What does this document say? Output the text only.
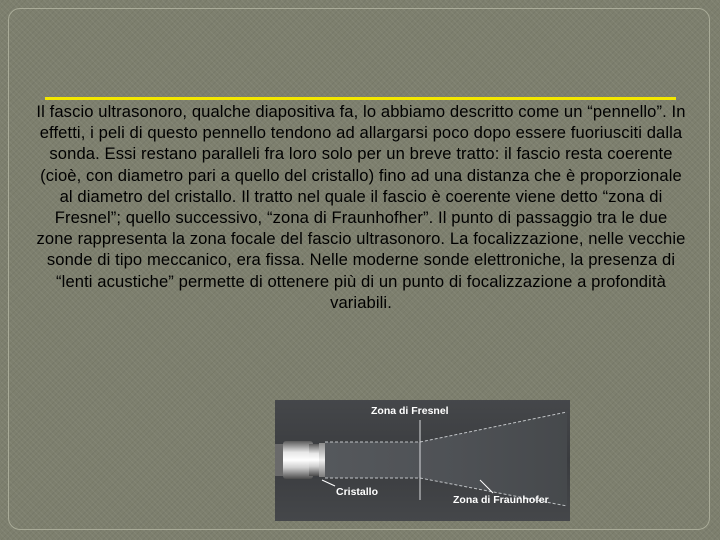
Il fascio ultrasonoro, qualche diapositiva fa, lo abbiamo descritto come un “pennello”. In effetti, i peli di questo pennello tendono ad allargarsi poco dopo essere fuoriusciti dalla sonda. Essi restano paralleli fra loro solo per un breve tratto: il fascio resta coerente (cioè, con diametro pari a quello del cristallo) fino ad una distanza che è proporzionale al diametro del cristallo. Il tratto nel quale il fascio è coerente viene detto “zona di Fresnel”; quello successivo, “zona di Fraunhofher”. Il punto di passaggio tra le due zone rappresenta la zona focale del fascio ultrasonoro. La focalizzazione, nelle vecchie sonde di tipo meccanico, era fissa. Nelle moderne sonde elettroniche, la presenza di “lenti acustiche” permette di ottenere più di un punto di focalizzazione a profondità variabili.
Zona di Fresnel
Cristallo
Zona di Fraunhofer
